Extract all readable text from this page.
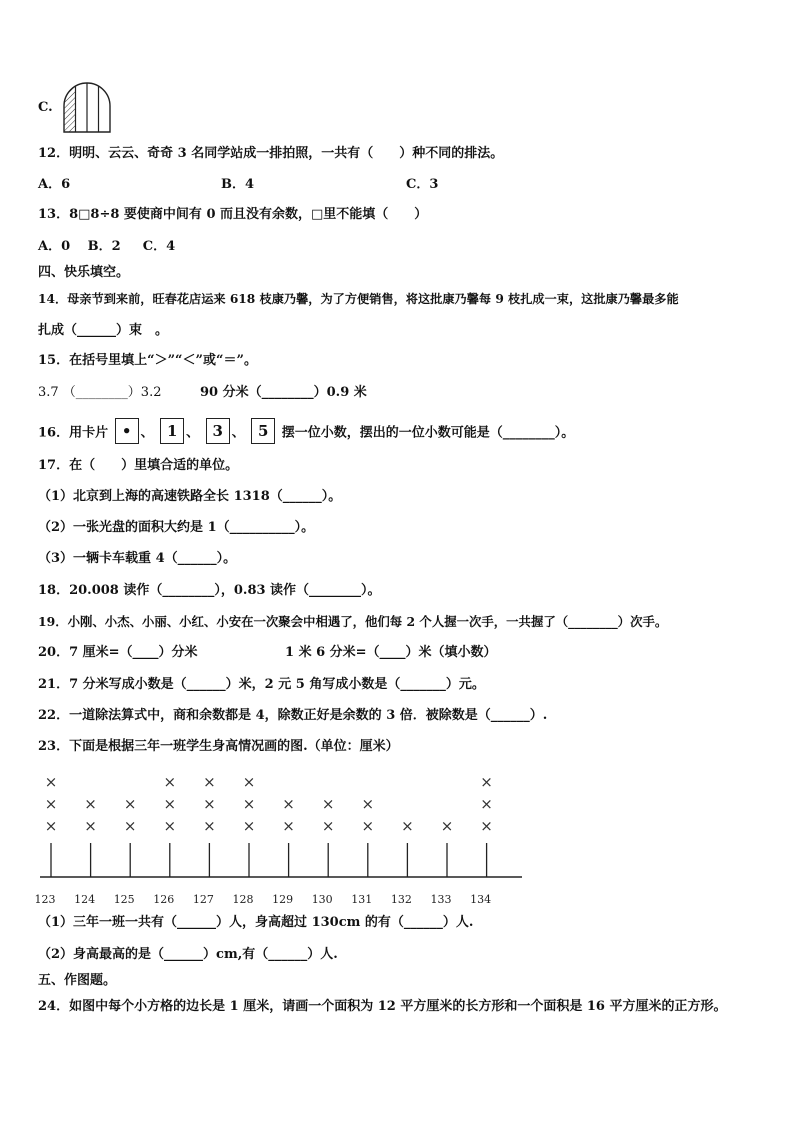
C.
12．明明、云云、奇奇 3 名同学站成一排拍照，一共有（　　）种不同的排法。
A．6	B．4	C．3
13．8□8÷8 要使商中间有 0 而且没有余数，□里不能填（　　）
A．0　 B．2 　 C．4
四、快乐填空。
14．母亲节到来前，旺春花店运来 618 枝康乃馨，为了方便销售，将这批康乃馨每 9 枝扎成一束，这批康乃馨最多能
扎成（______）束　。
15．在括号里填上“＞”“＜”或“＝”。
3.7 （________）3.2	90 分米（________）0.9 米
16．用卡片 • 、 1 、 3 、 5 摆一位小数，摆出的一位小数可能是（________）。
17．在（　　）里填合适的单位。
（1）北京到上海的高速铁路全长 1318（______）。
（2）一张光盘的面积大约是 1（__________）。
（3）一辆卡车载重 4（______）。
18．20.008 读作（________），0.83 读作（________）。
19．小刚、小杰、小丽、小红、小安在一次聚会中相遇了，他们每 2 个人握一次手，一共握了（________）次手。
20．7 厘米=（____）分米	1 米 6 分米=（____）米（填小数）
21．7 分米写成小数是（______）米，2 元 5 角写成小数是（_______）元。
22．一道除法算式中，商和余数都是 4，除数正好是余数的 3 倍．被除数是（______）.
23．下面是根据三年一班学生身高情况画的图.（单位：厘米）
123
×
×
×
124
×
×
125
×
×
126
×
×
×
127
×
×
×
128
×
×
×
129
×
×
130
×
×
131
×
×
132
×
133
×
134
×
×
×
（1）三年一班一共有（______）人，身高超过 130cm 的有（______）人.
（2）身高最高的是（______）cm,有（______）人.
五、作图题。
24．如图中每个小方格的边长是 1 厘米，请画一个面积为 12 平方厘米的长方形和一个面积是 16 平方厘米的正方形。
